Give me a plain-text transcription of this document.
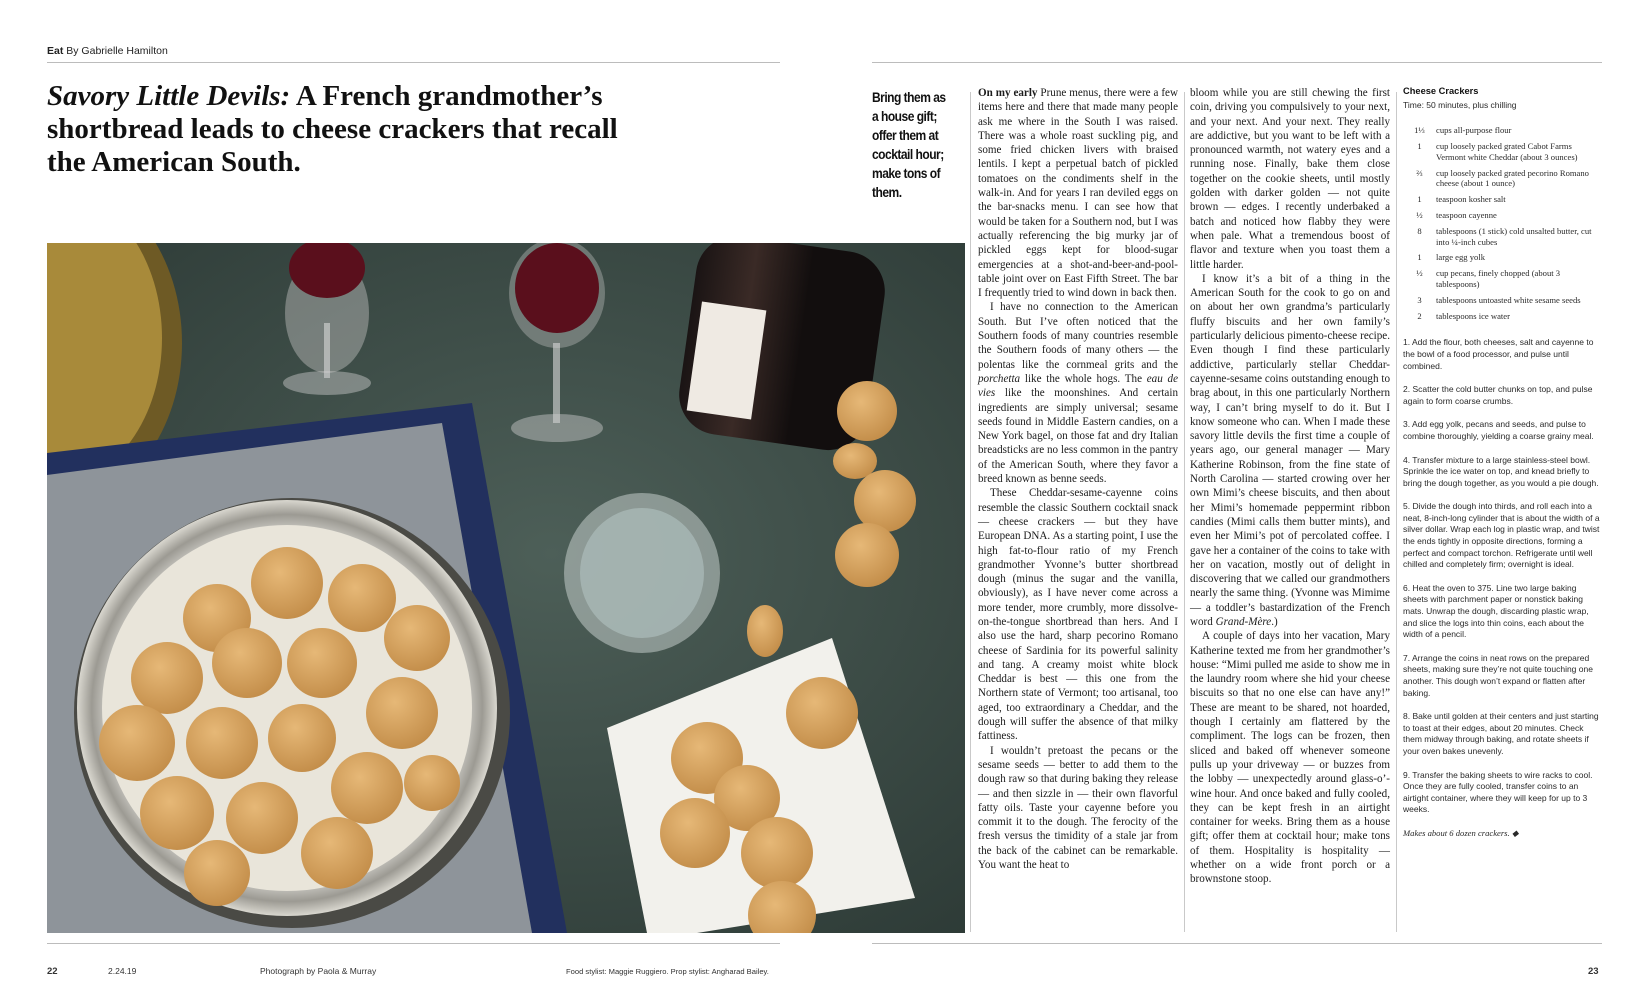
Eat By Gabrielle Hamilton
Savory Little Devils: A French grandmother’s shortbread leads to cheese crackers that recall the American South.
22	2.24.19	Photograph by Paola & Murray	Food stylist: Maggie Ruggiero. Prop stylist: Angharad Bailey.
Bring them as a house gift; offer them at cocktail hour; make tons of them.

On my early Prune menus, there were a few items here and there that made many people ask me where in the South I was raised. There was a whole roast suckling pig, and some fried chicken livers with braised lentils. I kept a perpetual batch of pickled tomatoes on the condiments shelf in the walk-in. And for years I ran deviled eggs on the bar-snacks menu. I can see how that would be taken for a Southern nod, but I was actually referencing the big murky jar of pickled eggs kept for blood-sugar emergencies at a shot-and-beer-and-pool-table joint over on East Fifth Street. The bar I frequently tried to wind down in back then.

I have no connection to the American South. But I’ve often noticed that the Southern foods of many countries resemble the Southern foods of many others — the polentas like the cornmeal grits and the porchetta like the whole hogs. The eau de vies like the moonshines. And certain ingredients are simply universal; sesame seeds found in Middle Eastern candies, on a New York bagel, on those fat and dry Italian breadsticks are no less common in the pantry of the American South, where they favor a breed known as benne seeds.

These Cheddar-sesame-cayenne coins resemble the classic Southern cocktail snack — cheese crackers — but they have European DNA. As a starting point, I use the high fat-to-flour ratio of my French grandmother Yvonne’s butter shortbread dough (minus the sugar and the vanilla, obviously), as I have never come across a more tender, more crumbly, more dissolve-on-the-tongue shortbread than hers. And I also use the hard, sharp pecorino Romano cheese of Sardinia for its powerful salinity and tang. A creamy moist white block Cheddar is best — this one from the Northern state of Vermont; too artisanal, too aged, too extraordinary a Cheddar, and the dough will suffer the absence of that milky fattiness.

I wouldn’t pretoast the pecans or the sesame seeds — better to add them to the dough raw so that during baking they release — and then sizzle in — their own flavorful fatty oils. Taste your cayenne before you commit it to the dough. The ferocity of the fresh versus the timidity of a stale jar from the back of the cabinet can be remarkable. You want the heat to

bloom while you are still chewing the first coin, driving you compulsively to your next, and your next. And your next. They really are addictive, but you want to be left with a pronounced warmth, not watery eyes and a running nose. Finally, bake them close together on the cookie sheets, until mostly golden with darker golden — not quite brown — edges. I recently underbaked a batch and noticed how flabby they were when pale. What a tremendous boost of flavor and texture when you toast them a little harder.

I know it’s a bit of a thing in the American South for the cook to go on and on about her own grandma’s particularly fluffy biscuits and her own family’s particularly delicious pimento-cheese recipe. Even though I find these particularly addictive, particularly stellar Cheddar-cayenne-sesame coins outstanding enough to brag about, in this one particularly Northern way, I can’t bring myself to do it. But I know someone who can. When I made these savory little devils the first time a couple of years ago, our general manager — Mary Katherine Robinson, from the fine state of North Carolina — started crowing over her own Mimi’s cheese biscuits, and then about her Mimi’s homemade peppermint ribbon candies (Mimi calls them butter mints), and even her Mimi’s pot of percolated coffee. I gave her a container of the coins to take with her on vacation, mostly out of delight in discovering that we called our grandmothers nearly the same thing. (Yvonne was Mimime — a toddler’s bastardization of the French word Grand-Mère.)

A couple of days into her vacation, Mary Katherine texted me from her grandmother’s house: “Mimi pulled me aside to show me in the laundry room where she hid your cheese biscuits so that no one else can have any!” These are meant to be shared, not hoarded, though I certainly am flattered by the compliment. The logs can be frozen, then sliced and baked off whenever someone pulls up your driveway — or buzzes from the lobby — unexpectedly around glass-o’-wine hour. And once baked and fully cooled, they can be kept fresh in an airtight container for weeks. Bring them as a house gift; offer them at cocktail hour; make tons of them. Hospitality is hospitality — whether on a wide front porch or a brownstone stoop.

Cheese Crackers
Time: 50 minutes, plus chilling
1⅓	cups all-purpose flour
1	cup loosely packed grated Cabot Farms Vermont white Cheddar (about 3 ounces)
⅔	cup loosely packed grated pecorino Romano cheese (about 1 ounce)
1	teaspoon kosher salt
½	teaspoon cayenne
8	tablespoons (1 stick) cold unsalted butter, cut into ¼-inch cubes
1	large egg yolk
½	cup pecans, finely chopped (about 3 tablespoons)
3	tablespoons untoasted white sesame seeds
2	tablespoons ice water
1. Add the flour, both cheeses, salt and cayenne to the bowl of a food processor, and pulse until combined.
2. Scatter the cold butter chunks on top, and pulse again to form coarse crumbs.
3. Add egg yolk, pecans and seeds, and pulse to combine thoroughly, yielding a coarse grainy meal.
4. Transfer mixture to a large stainless-steel bowl. Sprinkle the ice water on top, and knead briefly to bring the dough together, as you would a pie dough.
5. Divide the dough into thirds, and roll each into a neat, 8-inch-long cylinder that is about the width of a silver dollar. Wrap each log in plastic wrap, and twist the ends tightly in opposite directions, forming a perfect and compact torchon. Refrigerate until well chilled and completely firm; overnight is ideal.
6. Heat the oven to 375. Line two large baking sheets with parchment paper or nonstick baking mats. Unwrap the dough, discarding plastic wrap, and slice the logs into thin coins, each about the width of a pencil.
7. Arrange the coins in neat rows on the prepared sheets, making sure they’re not quite touching one another. This dough won’t expand or flatten after baking.
8. Bake until golden at their centers and just starting to toast at their edges, about 20 minutes. Check them midway through baking, and rotate sheets if your oven bakes unevenly.
9. Transfer the baking sheets to wire racks to cool. Once they are fully cooled, transfer coins to an airtight container, where they will keep for up to 3 weeks.
Makes about 6 dozen crackers. ◆
23
